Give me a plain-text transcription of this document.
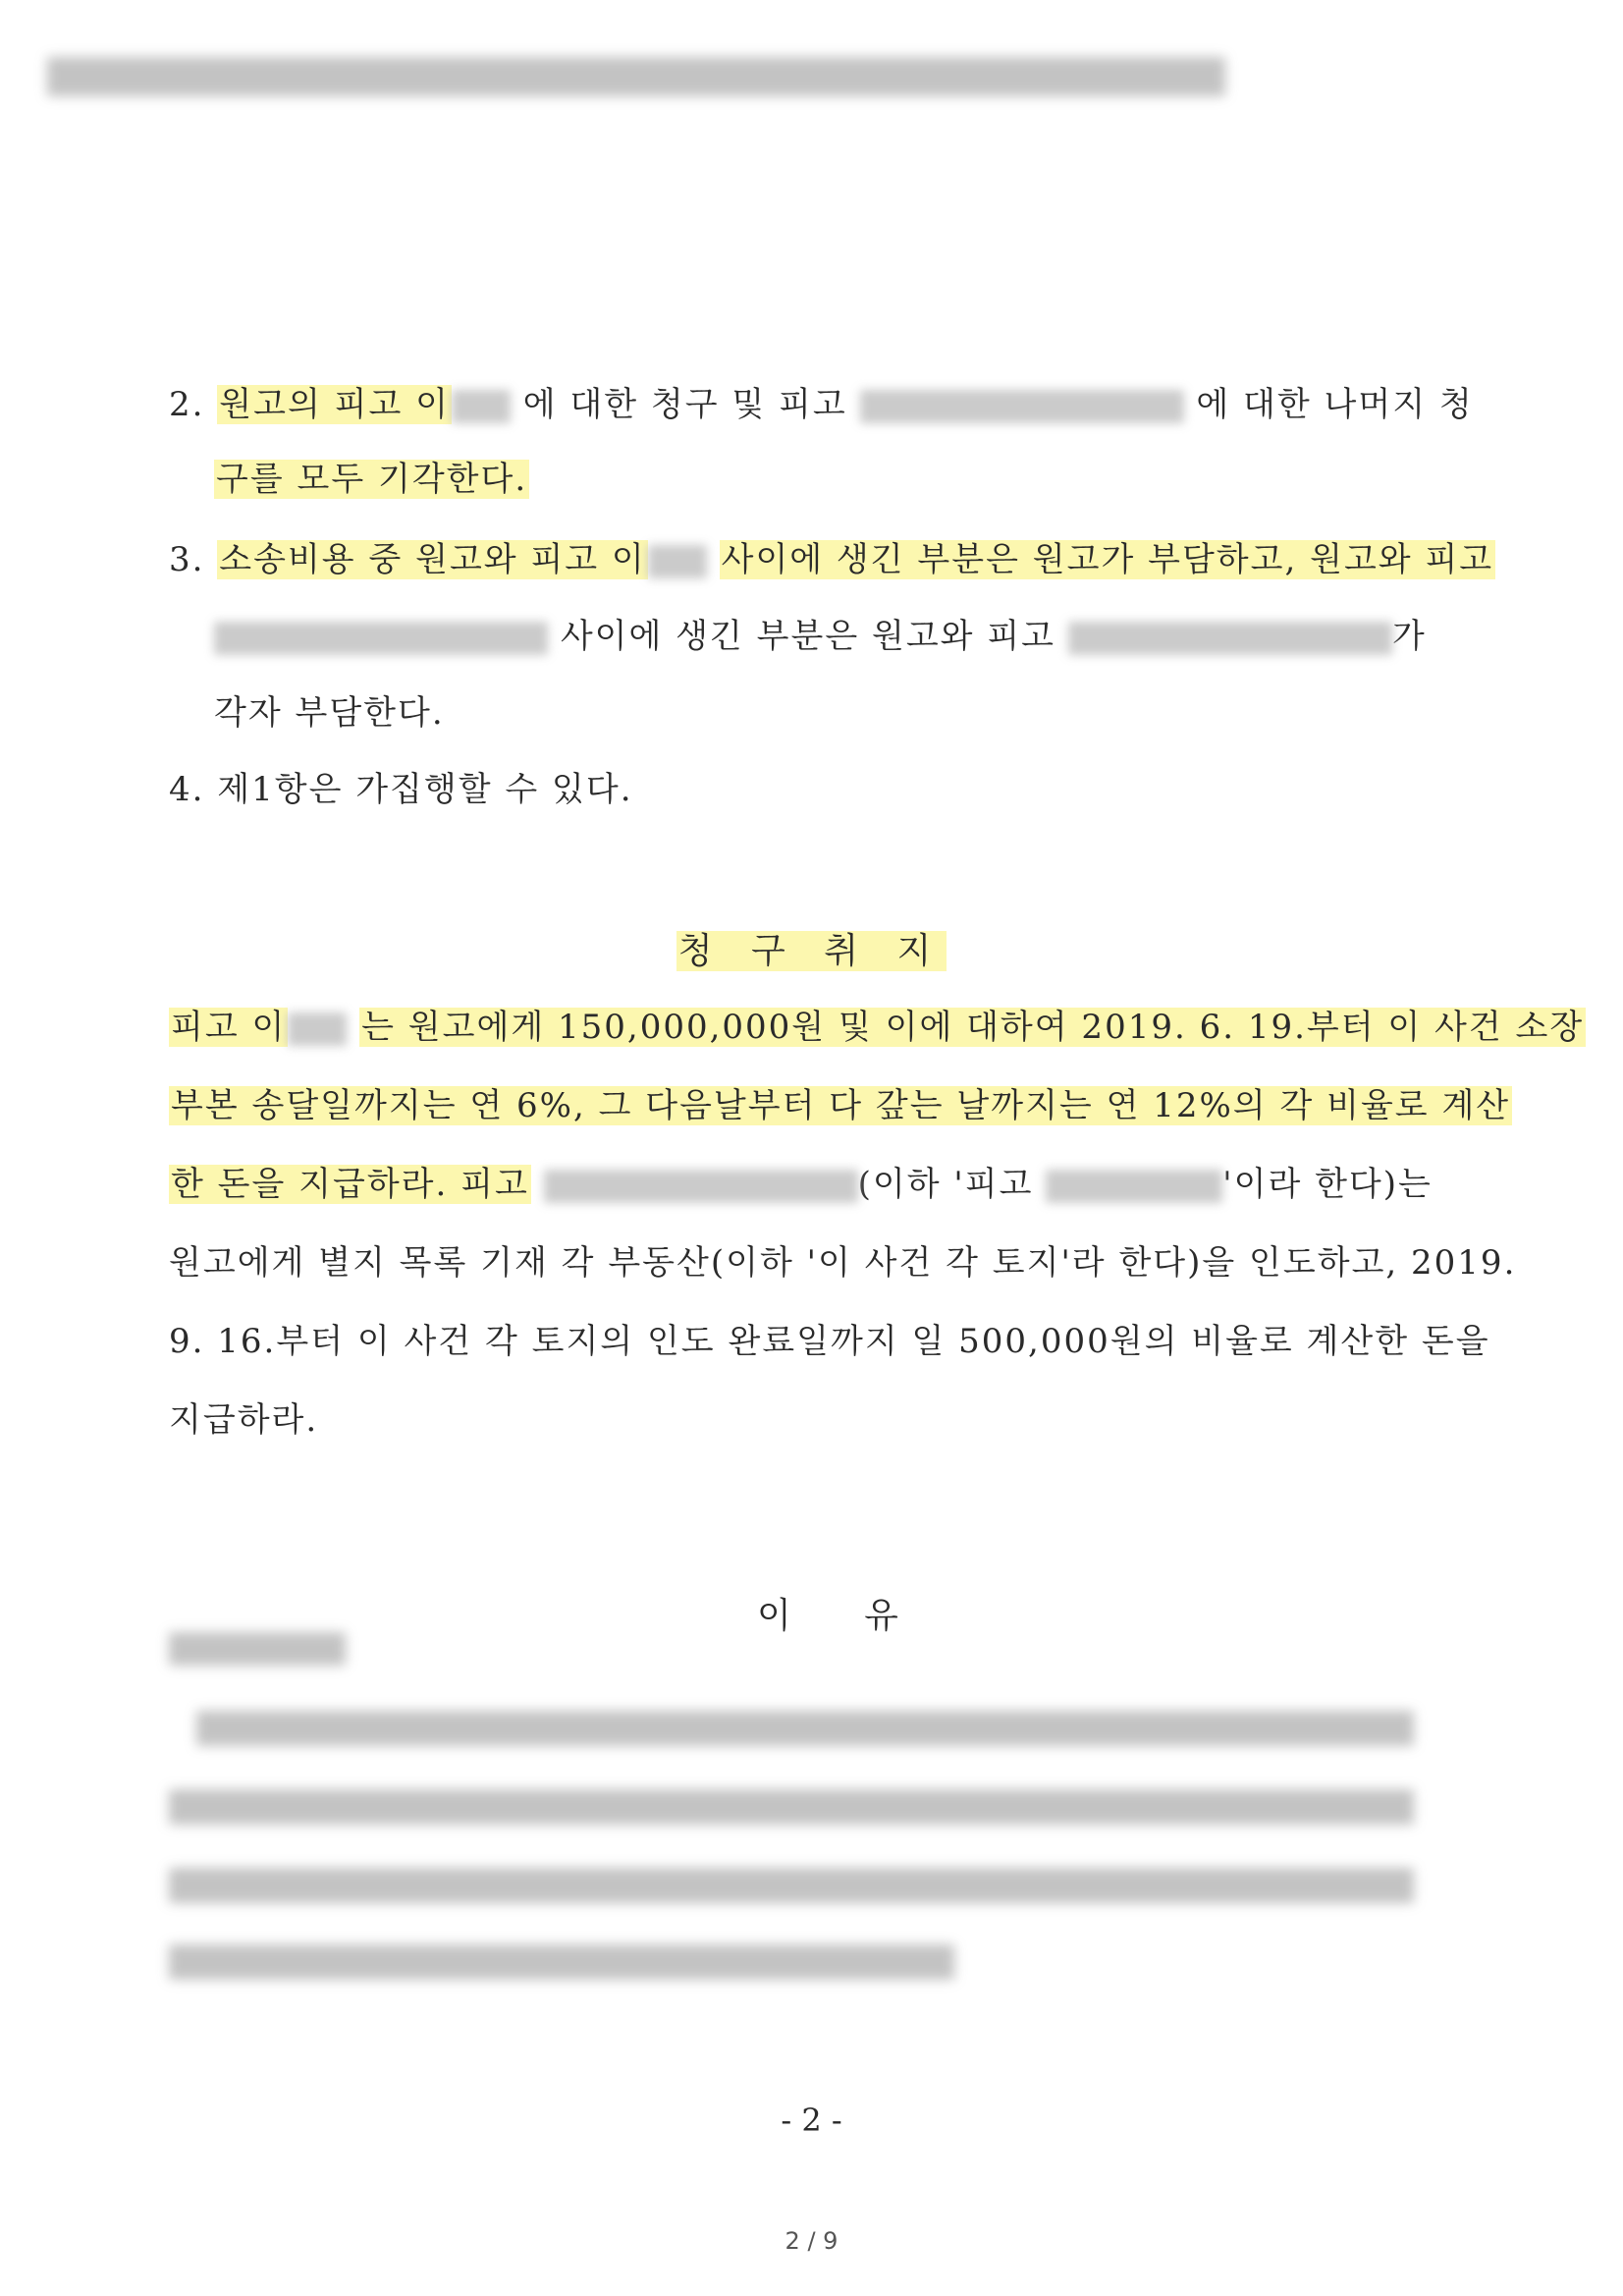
2. 원고의 피고 이 에 대한 청구 및 피고	에 대한 나머지 청
구를 모두 기각한다.
3. 소송비용 중 원고와 피고 이 사이에 생긴 부분은 원고가 부담하고, 원고와 피고
사이에 생긴 부분은 원고와 피고	가
각자 부담한다.
4. 제1항은 가집행할 수 있다.
청 구 취 지
피고 이 는 원고에게 150,000,000원 및 이에 대하여 2019. 6. 19.부터 이 사건 소장
부본 송달일까지는 연 6%, 그 다음날부터 다 갚는 날까지는 연 12%의 각 비율로 계산
한 돈을 지급하라. 피고	(이하 '피고	'이라 한다)는
원고에게 별지 목록 기재 각 부동산(이하 '이 사건 각 토지'라 한다)을 인도하고, 2019.
9. 16.부터 이 사건 각 토지의 인도 완료일까지 일 500,000원의 비율로 계산한 돈을
지급하라.

이   유

- 2 -
2 / 9
